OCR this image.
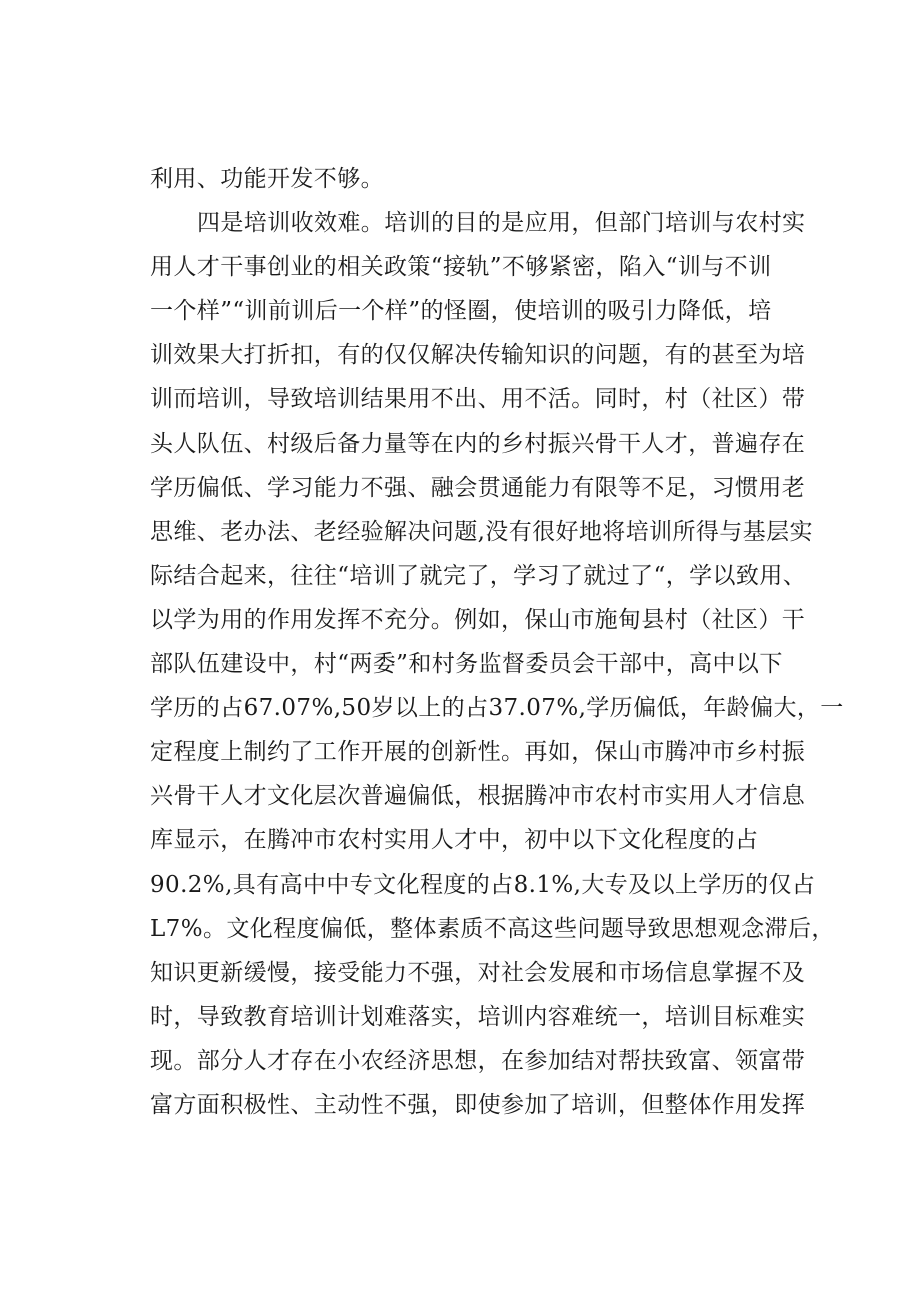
利用、功能开发不够。
四是培训收效难。培训的目的是应用，但部门培训与农村实
用人才干事创业的相关政策“接轨”不够紧密，陷入“训与不训
一个样”“训前训后一个样”的怪圈，使培训的吸引力降低，培
训效果大打折扣，有的仅仅解决传输知识的问题，有的甚至为培
训而培训，导致培训结果用不出、用不活。同时，村（社区）带
头人队伍、村级后备力量等在内的乡村振兴骨干人才，普遍存在
学历偏低、学习能力不强、融会贯通能力有限等不足，习惯用老
思维、老办法、老经验解决问题,没有很好地将培训所得与基层实
际结合起来，往往“培训了就完了，学习了就过了“，学以致用、
以学为用的作用发挥不充分。例如，保山市施甸县村（社区）干
部队伍建设中，村“两委”和村务监督委员会干部中，高中以下
学历的占67.07%,50岁以上的占37.07%,学历偏低，年龄偏大，一
定程度上制约了工作开展的创新性。再如，保山市腾冲市乡村振
兴骨干人才文化层次普遍偏低，根据腾冲市农村市实用人才信息
库显示，在腾冲市农村实用人才中，初中以下文化程度的占
90.2%,具有高中中专文化程度的占8.1%,大专及以上学历的仅占
L7%。文化程度偏低，整体素质不高这些问题导致思想观念滞后，
知识更新缓慢，接受能力不强，对社会发展和市场信息掌握不及
时，导致教育培训计划难落实，培训内容难统一，培训目标难实
现。部分人才存在小农经济思想，在参加结对帮扶致富、领富带
富方面积极性、主动性不强，即使参加了培训，但整体作用发挥
